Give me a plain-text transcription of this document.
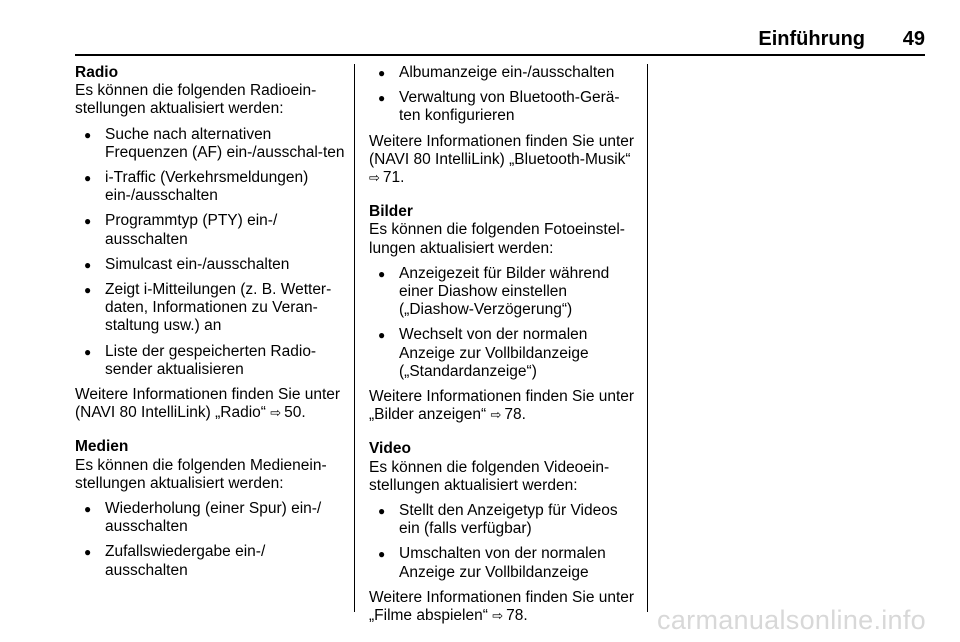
Einführung 49
Radio
Es können die folgenden Radioein-stellungen aktualisiert werden:
● Suche nach alternativen Frequenzen (AF) ein-/ausschal-ten
● i-Traffic (Verkehrsmeldungen) ein-/ausschalten
● Programmtyp (PTY) ein-/ ausschalten
● Simulcast ein-/ausschalten
● Zeigt i-Mitteilungen (z. B. Wetter-daten, Informationen zu Veran-staltung usw.) an
● Liste der gespeicherten Radio-sender aktualisieren
Weitere Informationen finden Sie unter (NAVI 80 IntelliLink) „Radio“ ⇨ 50.
Medien
Es können die folgenden Medienein-stellungen aktualisiert werden:
● Wiederholung (einer Spur) ein-/ ausschalten
● Zufallswiedergabe ein-/ ausschalten
● Albumanzeige ein-/ausschalten
● Verwaltung von Bluetooth-Gerä-ten konfigurieren
Weitere Informationen finden Sie unter (NAVI 80 IntelliLink) „Bluetooth-Musik“ ⇨ 71.
Bilder
Es können die folgenden Fotoeinstel-lungen aktualisiert werden:
● Anzeigezeit für Bilder während einer Diashow einstellen („Diashow-Verzögerung“)
● Wechselt von der normalen Anzeige zur Vollbildanzeige („Standardanzeige“)
Weitere Informationen finden Sie unter „Bilder anzeigen“ ⇨ 78.
Video
Es können die folgenden Videoein-stellungen aktualisiert werden:
● Stellt den Anzeigetyp für Videos ein (falls verfügbar)
● Umschalten von der normalen Anzeige zur Vollbildanzeige
Weitere Informationen finden Sie unter „Filme abspielen“ ⇨ 78.	carmanualsonline.info
